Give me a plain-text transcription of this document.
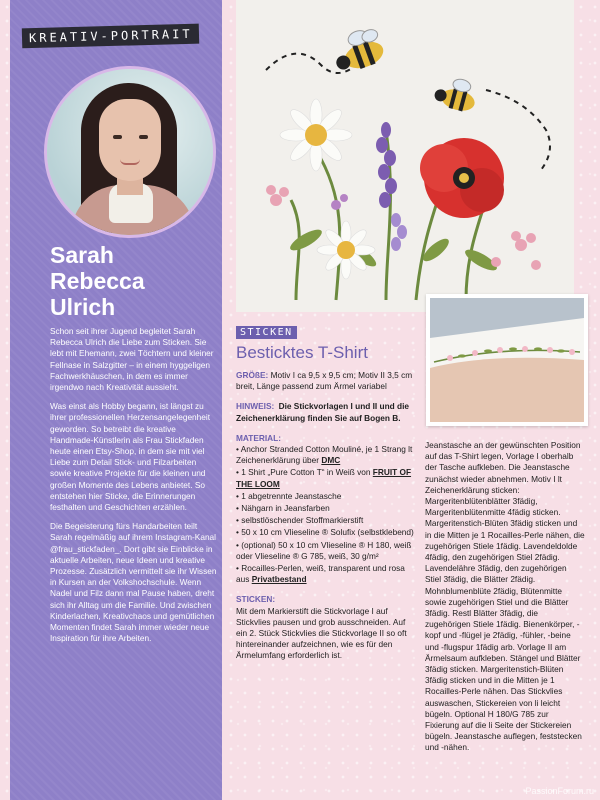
KREATIV-PORTRAIT
Sarah
Rebecca
Ulrich

Schon seit ihrer Jugend begleitet Sarah Rebecca Ulrich die Liebe zum Sticken. Sie lebt mit Ehemann, zwei Töchtern und kleiner Fellnase in Salzgitter – in einem hyggeligen Fachwerkhäuschen, in dem es immer irgendwo nach Kreativität aussieht.

Was einst als Hobby begann, ist längst zu ihrer professionellen Herzensangelegenheit geworden. So betreibt die kreative Handmade-Künstlerin als Frau Stickfaden heute einen Etsy-Shop, in dem sie mit viel Liebe zum Detail Stick- und Filzarbeiten sowie kreative Projekte für die kleinen und großen Momente des Lebens anbietet. So entstehen hier Sticke, die Erinnerungen festhalten und Geschichten erzählen.

Die Begeisterung fürs Handarbeiten teilt Sarah regelmäßig auf ihrem Instagram-Kanal @frau_stickfaden_. Dort gibt sie Einblicke in aktuelle Arbeiten, neue Ideen und kreative Prozesse. Zusätzlich vermittelt sie ihr Wissen in Kursen an der Volkshochschule. Wenn Nadel und Filz dann mal Pause haben, dreht sich ihr Alltag um die Familie. Und zwischen Kinderlachen, Kreativchaos und gemütlichen Momenten findet Sarah immer wieder neue Inspiration für ihre Arbeiten.

STICKEN
Besticktes T-Shirt
GRÖßE: Motiv I ca 9,5 x 9,5 cm; Motiv II 3,5 cm breit, Länge passend zum Ärmel variabel
HINWEIS: Die Stickvorlagen I und II und die Zeichenerklärung finden Sie auf Bogen B.
MATERIAL:
• Anchor Stranded Cotton Mouliné, je 1 Strang lt Zeichenerklärung über DMC
• 1 Shirt „Pure Cotton T“ in Weiß von FRUIT OF THE LOOM
• 1 abgetrennte Jeanstasche
• Nähgarn in Jeansfarben
• selbstlöschender Stoffmarkierstift
• 50 x 10 cm Vlieseline ® Solufix (selbstklebend)
• (optional) 50 x 10 cm Vlieseline ® H 180, weiß oder Vlieseline ® G 785, weiß, 30 g/m²
• Rocailles-Perlen, weiß, transparent und rosa aus Privatbestand
STICKEN:
Mit dem Markierstift die Stickvorlage I auf Stickvlies pausen und grob ausschneiden. Auf ein 2. Stück Stickvlies die Stickvorlage II so oft hintereinander aufzeichnen, wie es für den Ärmelumfang erforderlich ist.
Jeanstasche an der gewünschten Position auf das T-Shirt legen, Vorlage I oberhalb der Tasche aufkleben. Die Jeanstasche zunächst wieder abnehmen. Motiv I lt Zeichenerklärung sticken: Margeritenblütenblätter 3fädig, Margeritenblütenmitte 4fädig sticken. Margeritenstich-Blüten 3fädig sticken und in die Mitten je 1 Rocailles-Perle nähen, die zugehörigen Stiele 1fädig. Lavendeldolde 4fädig, den zugehörigen Stiel 2fädig. Lavendelähre 3fädig, den zugehörigen Stiel 3fädig, die Blätter 2fädig. Mohnblumenblüte 2fädig, Blütenmitte sowie zugehörigen Stiel und die Blätter 3fädig. Restl Blätter 3fädig, die zugehörigen Stiele 1fädig. Bienenkörper, -kopf und -flügel je 2fädig, -fühler, -beine und -flugspur 1fädig arb. Vorlage II am Ärmelsaum aufkleben. Stängel und Blätter 3fädig sticken. Margeritenstich-Blüten 3fädig sticken und in die Mitten je 1 Rocailles-Perle nähen. Das Stickvlies auswaschen, Stickereien von li leicht bügeln. Optional H 180/G 785 zur Fixierung auf die li Seite der Stickereien bügeln. Jeanstasche auflegen, feststecken und -nähen.
PassionForum.ru
